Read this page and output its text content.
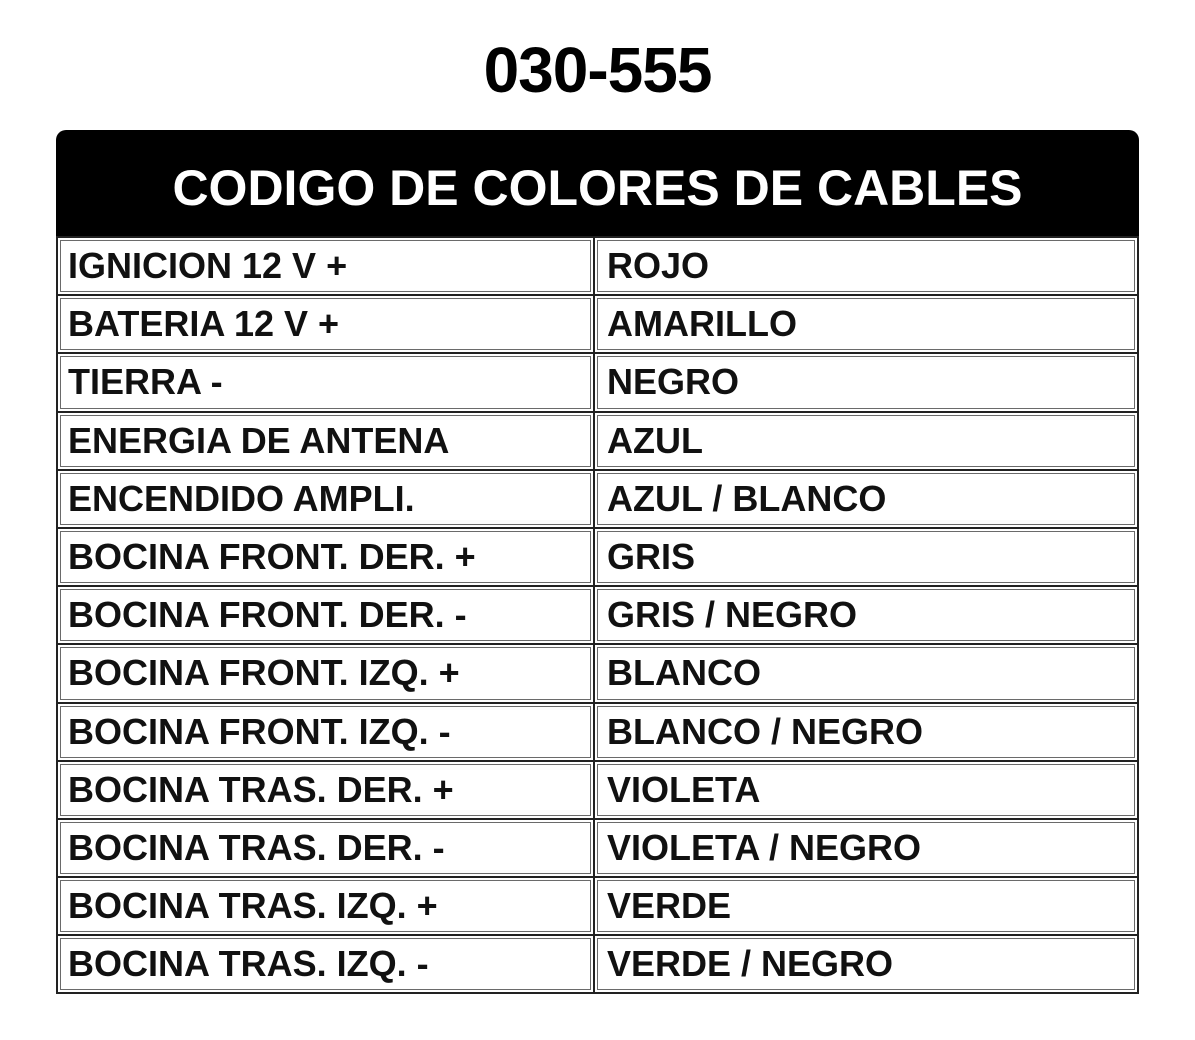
030-555
CODIGO DE COLORES DE CABLES
IGNICION 12 V +	ROJO
BATERIA 12 V +	AMARILLO
TIERRA -	NEGRO
ENERGIA DE ANTENA	AZUL
ENCENDIDO AMPLI.	AZUL / BLANCO
BOCINA FRONT. DER. +	GRIS
BOCINA FRONT. DER. -	GRIS / NEGRO
BOCINA FRONT. IZQ. +	BLANCO
BOCINA FRONT. IZQ. -	BLANCO / NEGRO
BOCINA TRAS. DER. +	VIOLETA
BOCINA TRAS. DER. -	VIOLETA / NEGRO
BOCINA TRAS. IZQ. +	VERDE
BOCINA TRAS. IZQ. -	VERDE / NEGRO
